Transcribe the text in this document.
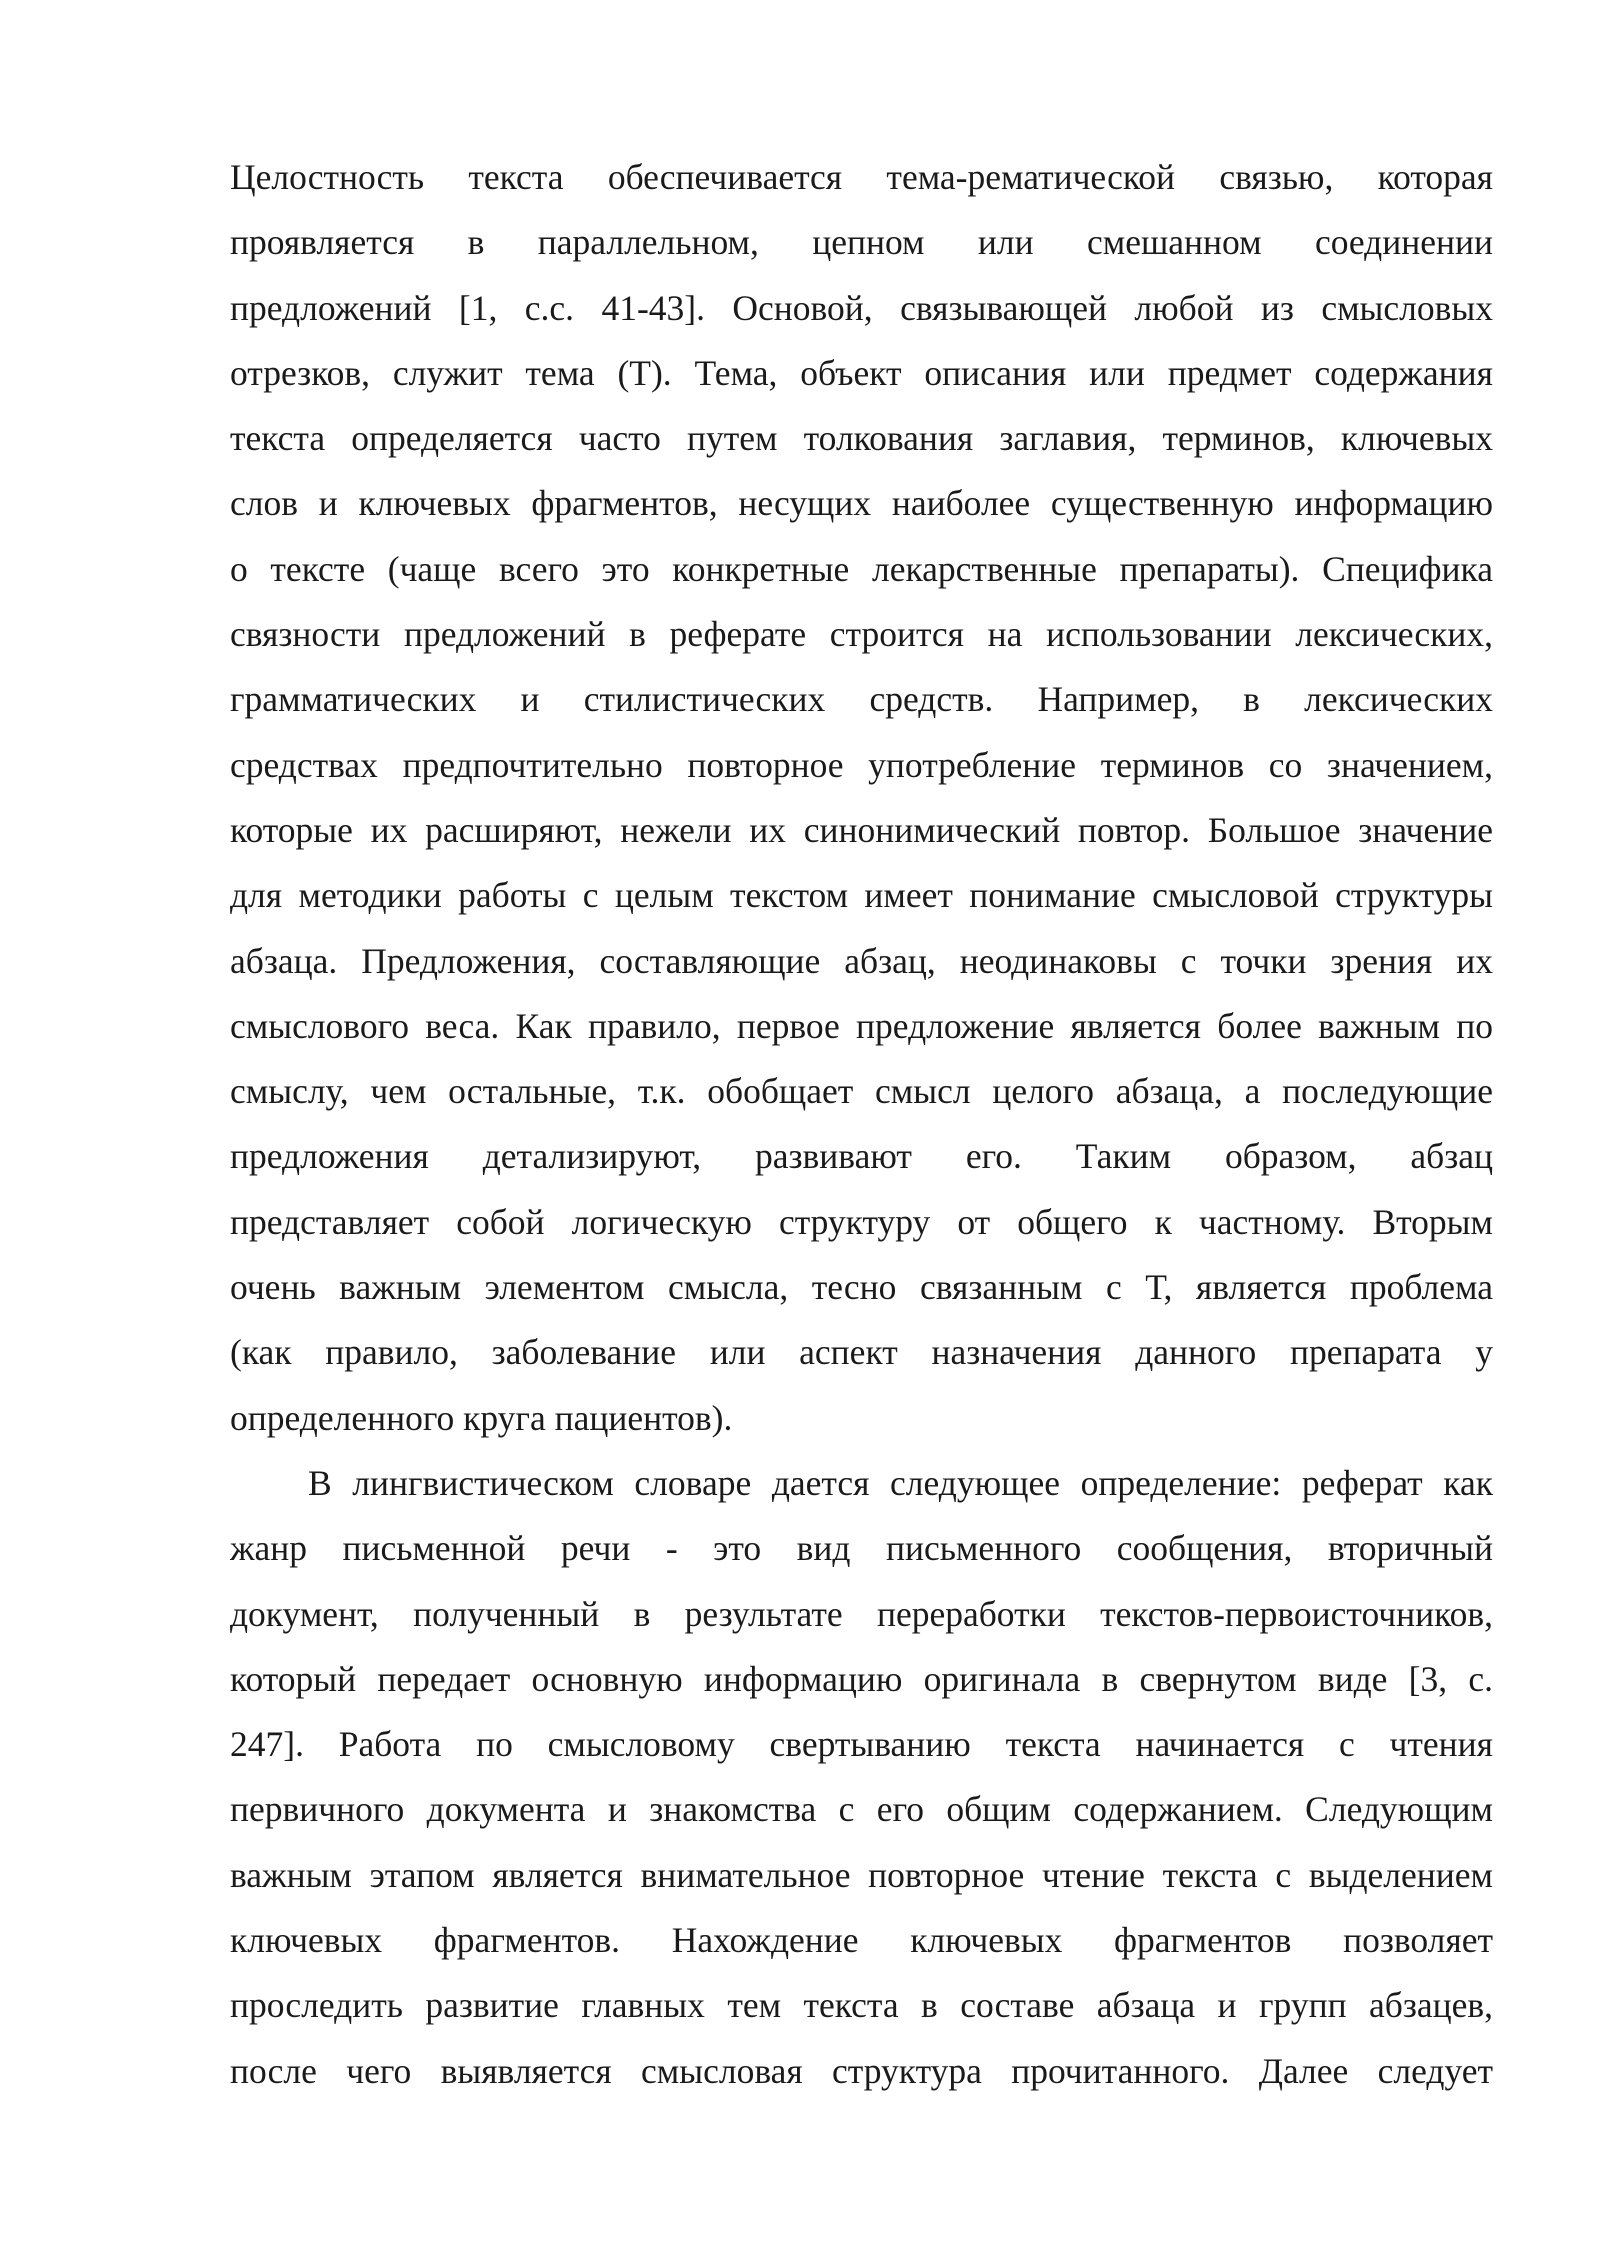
Целостность текста обеспечивается тема-рематической связью, которая
проявляется в параллельном, цепном или смешанном соединении
предложений [1, с.с. 41-43]. Основой, связывающей любой из смысловых
отрезков, служит тема (Т). Тема, объект описания или предмет содержания
текста определяется часто путем толкования заглавия, терминов, ключевых
слов и ключевых фрагментов, несущих наиболее существенную информацию
о тексте (чаще всего это конкретные лекарственные препараты). Специфика
связности предложений в реферате строится на использовании лексических,
грамматических и стилистических средств. Например, в лексических
средствах предпочтительно повторное употребление терминов со значением,
которые их расширяют, нежели их синонимический повтор. Большое значение
для методики работы с целым текстом имеет понимание смысловой структуры
абзаца. Предложения, составляющие абзац, неодинаковы с точки зрения их
смыслового веса. Как правило, первое предложение является более важным по
смыслу, чем остальные, т.к. обобщает смысл целого абзаца, а последующие
предложения детализируют, развивают его. Таким образом, абзац
представляет собой логическую структуру от общего к частному. Вторым
очень важным элементом смысла, тесно связанным с Т, является проблема
(как правило, заболевание или аспект назначения данного препарата у
определенного круга пациентов).
В лингвистическом словаре дается следующее определение: реферат как
жанр письменной речи - это вид письменного сообщения, вторичный
документ, полученный в результате переработки текстов-первоисточников,
который передает основную информацию оригинала в свернутом виде [3, с.
247]. Работа по смысловому свертыванию текста начинается с чтения
первичного документа и знакомства с его общим содержанием. Следующим
важным этапом является внимательное повторное чтение текста с выделением
ключевых фрагментов. Нахождение ключевых фрагментов позволяет
проследить развитие главных тем текста в составе абзаца и групп абзацев,
после чего выявляется смысловая структура прочитанного. Далее следует
